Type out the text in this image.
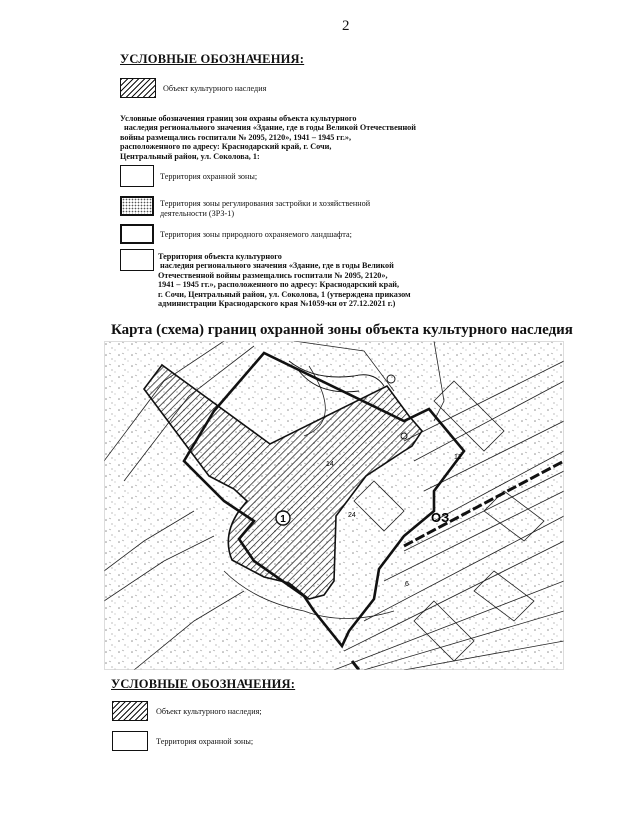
2
УСЛОВНЫЕ ОБОЗНАЧЕНИЯ:
Объект культурного наследия
Условные обозначения границ зон охраны объекта культурного
наследия регионального значения «Здание, где в годы Великой Отечественной
войны размещались госпитали № 2095, 2120», 1941 – 1945 гг.»,
расположенного по адресу: Краснодарский край, г. Сочи,
Центральный район, ул. Соколова, 1:
Территория охранной зоны;
Территория зоны регулирования застройки и хозяйственной
деятельности (ЗРЗ-1)
Территория зоны природного охраняемого ландшафта;
Территория объекта культурного
наследия регионального значения «Здание, где в годы Великой
Отечественной войны размещались госпитали № 2095, 2120»,
1941 – 1945 гг.», расположенного по адресу: Краснодарский край,
г. Сочи, Центральный район, ул. Соколова, 1 (утверждена приказом
администрации Краснодарского края №1059-кн от 27.12.2021 г.)
Карта (схема) границ охранной зоны объекта культурного наследия
1	ОЗ
12
14
6
24
УСЛОВНЫЕ ОБОЗНАЧЕНИЯ:
Объект культурного наследия;
Территория охранной зоны;
